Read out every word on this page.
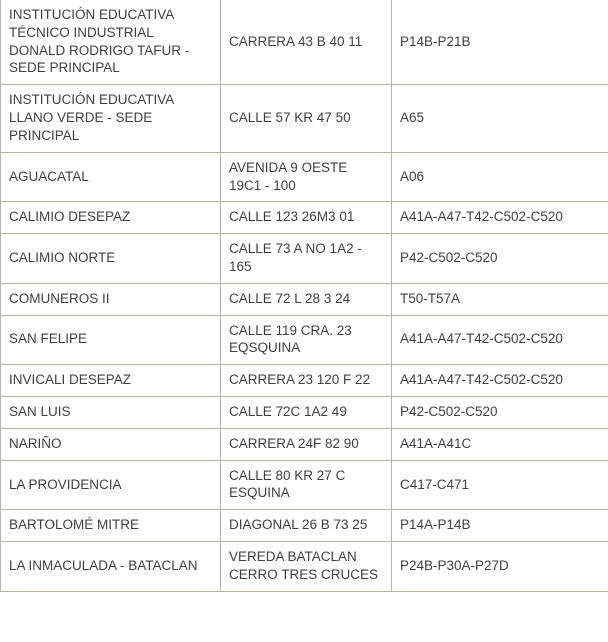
INSTITUCIÓN EDUCATIVA TÉCNICO INDUSTRIAL DONALD RODRIGO TAFUR - SEDE PRINCIPAL	CARRERA 43 B 40 11	P14B-P21B
INSTITUCIÓN EDUCATIVA LLANO VERDE - SEDE PRINCIPAL	CALLE 57 KR 47 50	A65
AGUACATAL	AVENIDA 9 OESTE 19C1 - 100	A06
CALIMIO DESEPAZ	CALLE 123 26M3 01	A41A-A47-T42-C502-C520
CALIMIO NORTE	CALLE 73 A NO 1A2 - 165	P42-C502-C520
COMUNEROS II	CALLE 72 L 28 3 24	T50-T57A
SAN FELIPE	CALLE 119 CRA. 23 EQSQUINA	A41A-A47-T42-C502-C520
INVICALI DESEPAZ	CARRERA 23 120 F 22	A41A-A47-T42-C502-C520
SAN LUIS	CALLE 72C 1A2 49	P42-C502-C520
NARIÑO	CARRERA 24F 82 90	A41A-A41C
LA PROVIDENCIA	CALLE 80 KR 27 C ESQUINA	C417-C471
BARTOLOMÉ MITRE	DIAGONAL 26 B 73 25	P14A-P14B
LA INMACULADA - BATACLAN	VEREDA BATACLAN CERRO TRES CRUCES	P24B-P30A-P27D
